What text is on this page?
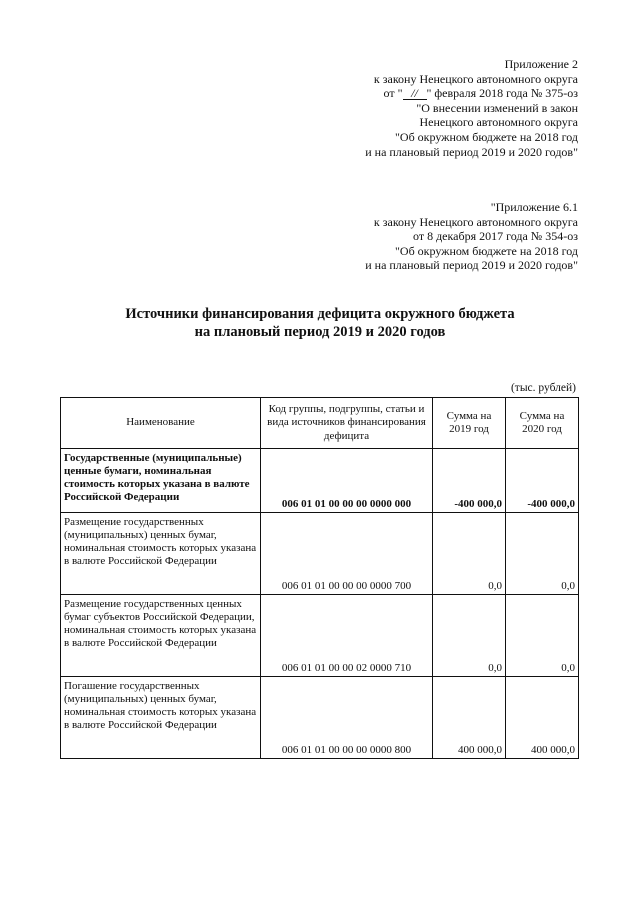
Приложение 2
к закону Ненецкого автономного округа
от " // " февраля 2018 года № 375-оз
"О внесении изменений в закон
Ненецкого автономного округа
"Об окружном бюджете на 2018 год
и на плановый период 2019 и 2020 годов"
"Приложение 6.1
к закону Ненецкого автономного округа
от 8 декабря 2017 года № 354-оз
"Об окружном бюджете на 2018 год
и на плановый период 2019 и 2020 годов"
Источники финансирования дефицита окружного бюджета
на плановый период 2019 и 2020 годов
(тыс. рублей)
Наименование	Код группы, подгруппы, статьи и вида источников финансирования дефицита	Сумма на 2019 год	Сумма на 2020 год
Государственные (муниципальные) ценные бумаги, номинальная стоимость которых указана в валюте Российской Федерации	006 01 01 00 00 00 0000 000	-400 000,0	-400 000,0
Размещение государственных (муниципальных) ценных бумаг, номинальная стоимость которых указана в валюте Российской Федерации	006 01 01 00 00 00 0000 700	0,0	0,0
Размещение государственных ценных бумаг субъектов Российской Федерации, номинальная стоимость которых указана в валюте Российской Федерации	006 01 01 00 00 02 0000 710	0,0	0,0
Погашение государственных (муниципальных) ценных бумаг, номинальная стоимость которых указана в валюте Российской Федерации	006 01 01 00 00 00 0000 800	400 000,0	400 000,0
